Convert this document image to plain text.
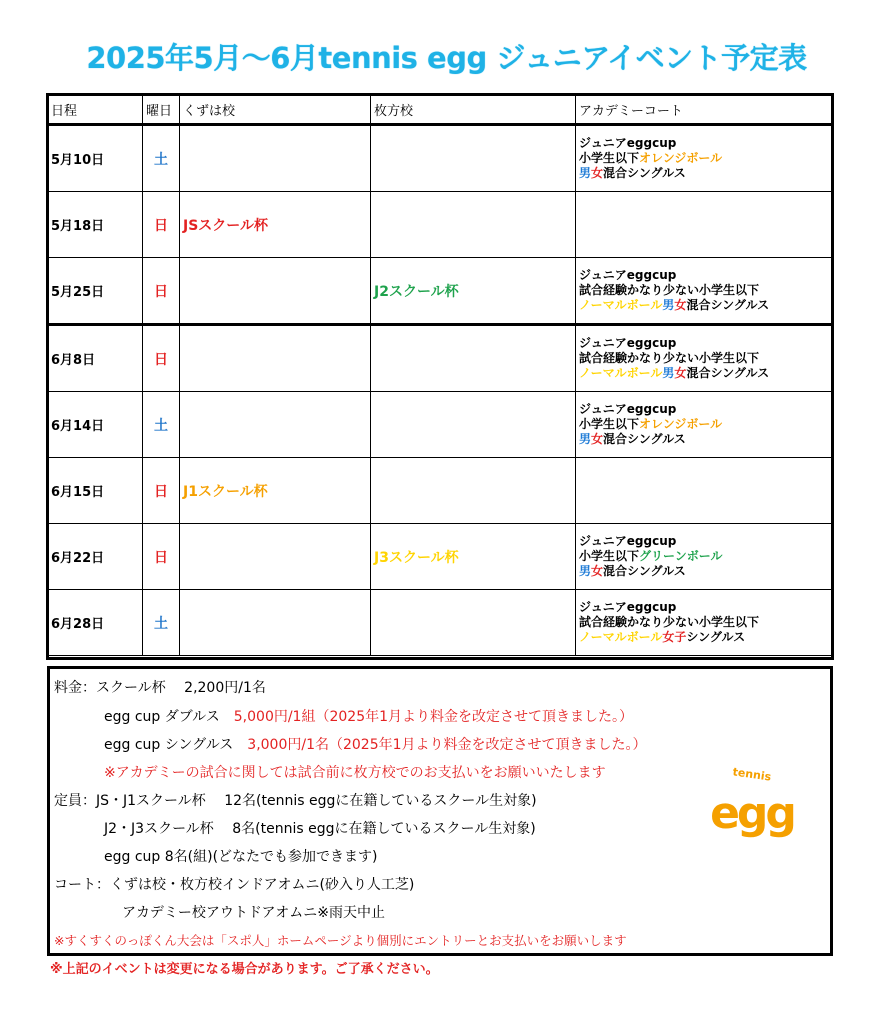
2025年5月～6月tennis egg ジュニアイベント予定表
日程	曜日	くずは校	枚方校	アカデミーコート
5月10日	土			ジュニアeggcup
小学生以下オレンジボール
男女混合シングルス

5月18日	日	JSスクール杯		
5月25日	日		J2スクール杯	ジュニアeggcup
試合経験かなり少ない小学生以下
ノーマルボール男女混合シングルス

6月8日	日			ジュニアeggcup
試合経験かなり少ない小学生以下
ノーマルボール男女混合シングルス

6月14日	土			ジュニアeggcup
小学生以下オレンジボール
男女混合シングルス

6月15日	日	J1スクール杯		
6月22日	日		J3スクール杯	ジュニアeggcup
小学生以下グリーンボール
男女混合シングルス

6月28日	土			ジュニアeggcup
試合経験かなり少ない小学生以下
ノーマルボール女子シングルス
料金：スクール杯　 2,200円/1名
egg cup ダブルス　5,000円/1組（2025年1月より料金を改定させて頂きました。）
egg cup シングルス　3,000円/1名（2025年1月より料金を改定させて頂きました。）
※アカデミーの試合に関しては試合前に枚方校でのお支払いをお願いいたします
定員：JS・J1スクール杯　 12名(tennis eggに在籍しているスクール生対象)
J2・J3スクール杯　 8名(tennis eggに在籍しているスクール生対象)
egg cup 8名(組)(どなたでも参加できます)
コート：くずは校・枚方校インドアオムニ(砂入り人工芝)
アカデミー校アウトドアオムニ※雨天中止
※すくすくのっぽくん大会は「スポ人」ホームページより個別にエントリーとお支払いをお願いします
tennis
egg
※上記のイベントは変更になる場合があります。ご了承ください。
